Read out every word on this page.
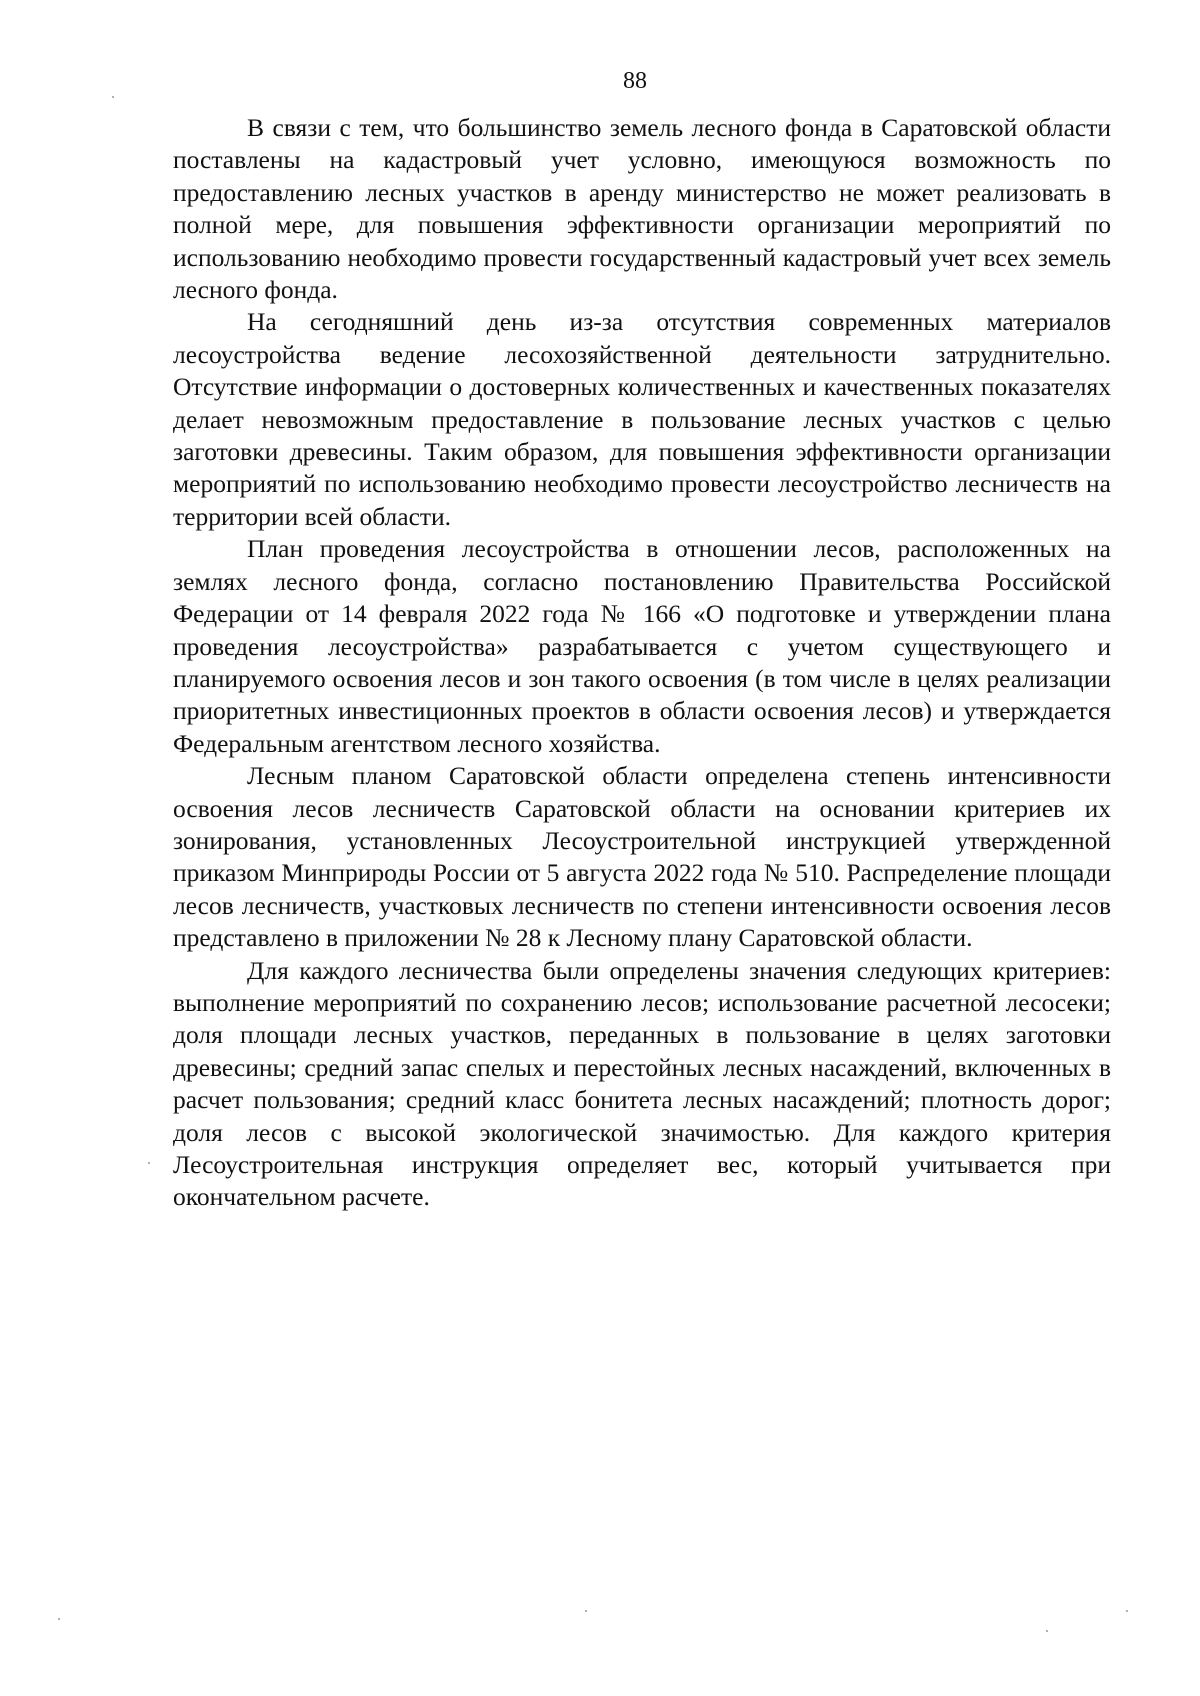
88

В связи с тем, что большинство земель лесного фонда в Саратовской области поставлены на кадастровый учет условно, имеющуюся возможность по предоставлению лесных участков в аренду министерство не может реализовать в полной мере, для повышения эффективности организации мероприятий по использованию необходимо провести государственный кадастровый учет всех земель лесного фонда.

На сегодняшний день из-за отсутствия современных материалов лесоустройства ведение лесохозяйственной деятельности затруднительно. Отсутствие информации о достоверных количественных и качественных показателях делает невозможным предоставление в пользование лесных участков с целью заготовки древесины. Таким образом, для повышения эффективности организации мероприятий по использованию необходимо провести лесоустройство лесничеств на территории всей области.

План проведения лесоустройства в отношении лесов, расположенных на землях лесного фонда, согласно постановлению Правительства Российской Федерации от 14 февраля 2022 года № 166 «О подготовке и утверждении плана проведения лесоустройства» разрабатывается с учетом существующего и планируемого освоения лесов и зон такого освоения (в том числе в целях реализации приоритетных инвестиционных проектов в области освоения лесов) и утверждается Федеральным агентством лесного хозяйства.

Лесным планом Саратовской области определена степень интенсивности освоения лесов лесничеств Саратовской области на основании критериев их зонирования, установленных Лесоустроительной инструкцией утвержденной приказом Минприроды России от 5 августа 2022 года № 510. Распределение площади лесов лесничеств, участковых лесничеств по степени интенсивности освоения лесов представлено в приложении № 28 к Лесному плану Саратовской области.

Для каждого лесничества были определены значения следующих критериев: выполнение мероприятий по сохранению лесов; использование расчетной лесосеки; доля площади лесных участков, переданных в пользование в целях заготовки древесины; средний запас спелых и перестойных лесных насаждений, включенных в расчет пользования; средний класс бонитета лесных насаждений; плотность дорог; доля лесов с высокой экологической значимостью. Для каждого критерия Лесоустроительная инструкция определяет вес, который учитывается при окончательном расчете.
